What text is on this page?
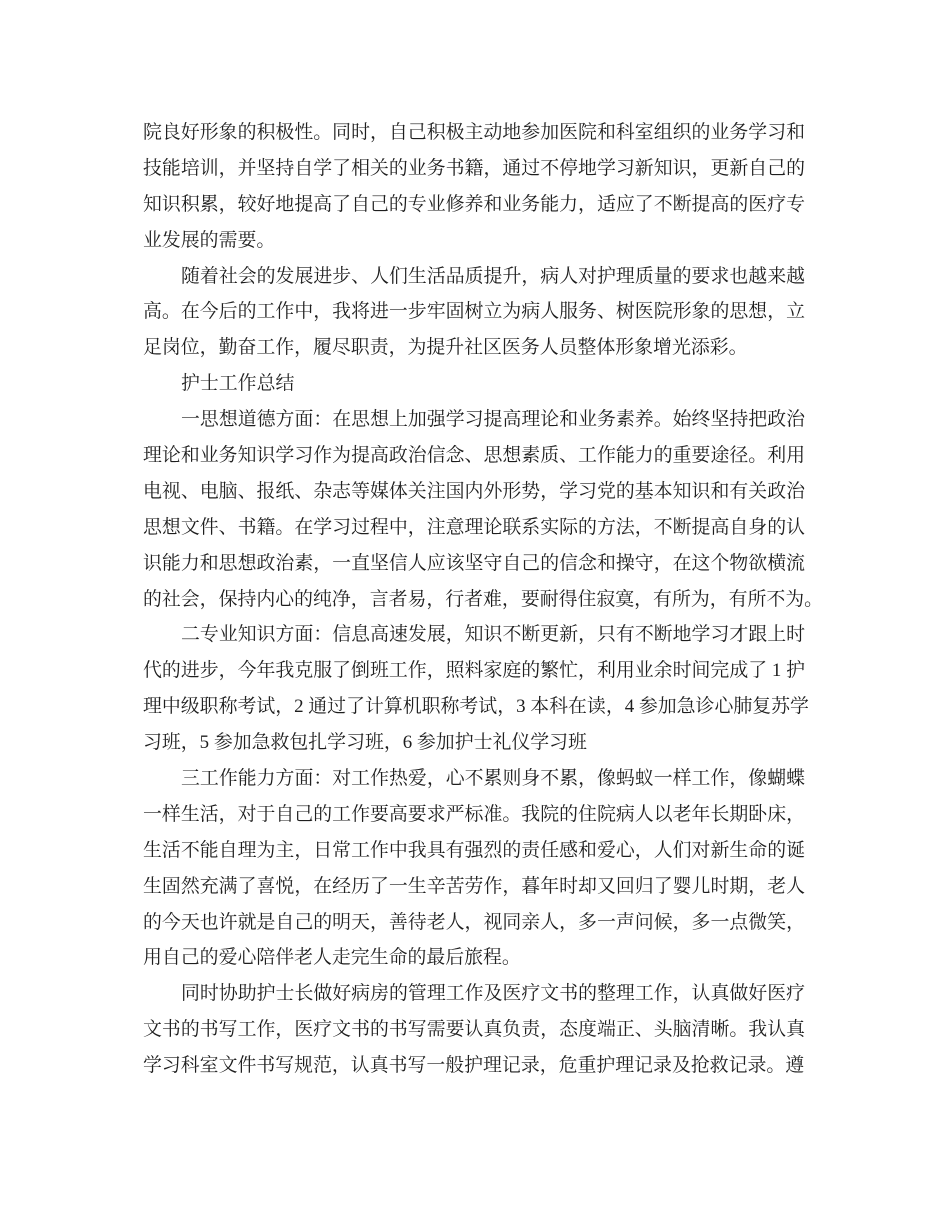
院良好形象的积极性。同时，自己积极主动地参加医院和科室组织的业务学习和
技能培训，并坚持自学了相关的业务书籍，通过不停地学习新知识，更新自己的
知识积累，较好地提高了自己的专业修养和业务能力，适应了不断提高的医疗专
业发展的需要。
随着社会的发展进步、人们生活品质提升，病人对护理质量的要求也越来越
高。在今后的工作中，我将进一步牢固树立为病人服务、树医院形象的思想，立
足岗位，勤奋工作，履尽职责，为提升社区医务人员整体形象增光添彩。
护士工作总结
一思想道德方面：在思想上加强学习提高理论和业务素养。始终坚持把政治
理论和业务知识学习作为提高政治信念、思想素质、工作能力的重要途径。利用
电视、电脑、报纸、杂志等媒体关注国内外形势，学习党的基本知识和有关政治
思想文件、书籍。在学习过程中，注意理论联系实际的方法，不断提高自身的认
识能力和思想政治素，一直坚信人应该坚守自己的信念和操守，在这个物欲横流
的社会，保持内心的纯净，言者易，行者难，要耐得住寂寞，有所为，有所不为。
二专业知识方面：信息高速发展，知识不断更新，只有不断地学习才跟上时
代的进步，今年我克服了倒班工作，照料家庭的繁忙，利用业余时间完成了 1 护
理中级职称考试，2 通过了计算机职称考试，3 本科在读，4 参加急诊心肺复苏学
习班，5 参加急救包扎学习班，6 参加护士礼仪学习班
三工作能力方面：对工作热爱，心不累则身不累，像蚂蚁一样工作，像蝴蝶
一样生活，对于自己的工作要高要求严标准。我院的住院病人以老年长期卧床，
生活不能自理为主，日常工作中我具有强烈的责任感和爱心，人们对新生命的诞
生固然充满了喜悦，在经历了一生辛苦劳作，暮年时却又回归了婴儿时期，老人
的今天也许就是自己的明天，善待老人，视同亲人，多一声问候，多一点微笑，
用自己的爱心陪伴老人走完生命的最后旅程。
同时协助护士长做好病房的管理工作及医疗文书的整理工作，认真做好医疗
文书的书写工作，医疗文书的书写需要认真负责，态度端正、头脑清晰。我认真
学习科室文件书写规范，认真书写一般护理记录，危重护理记录及抢救记录。遵
